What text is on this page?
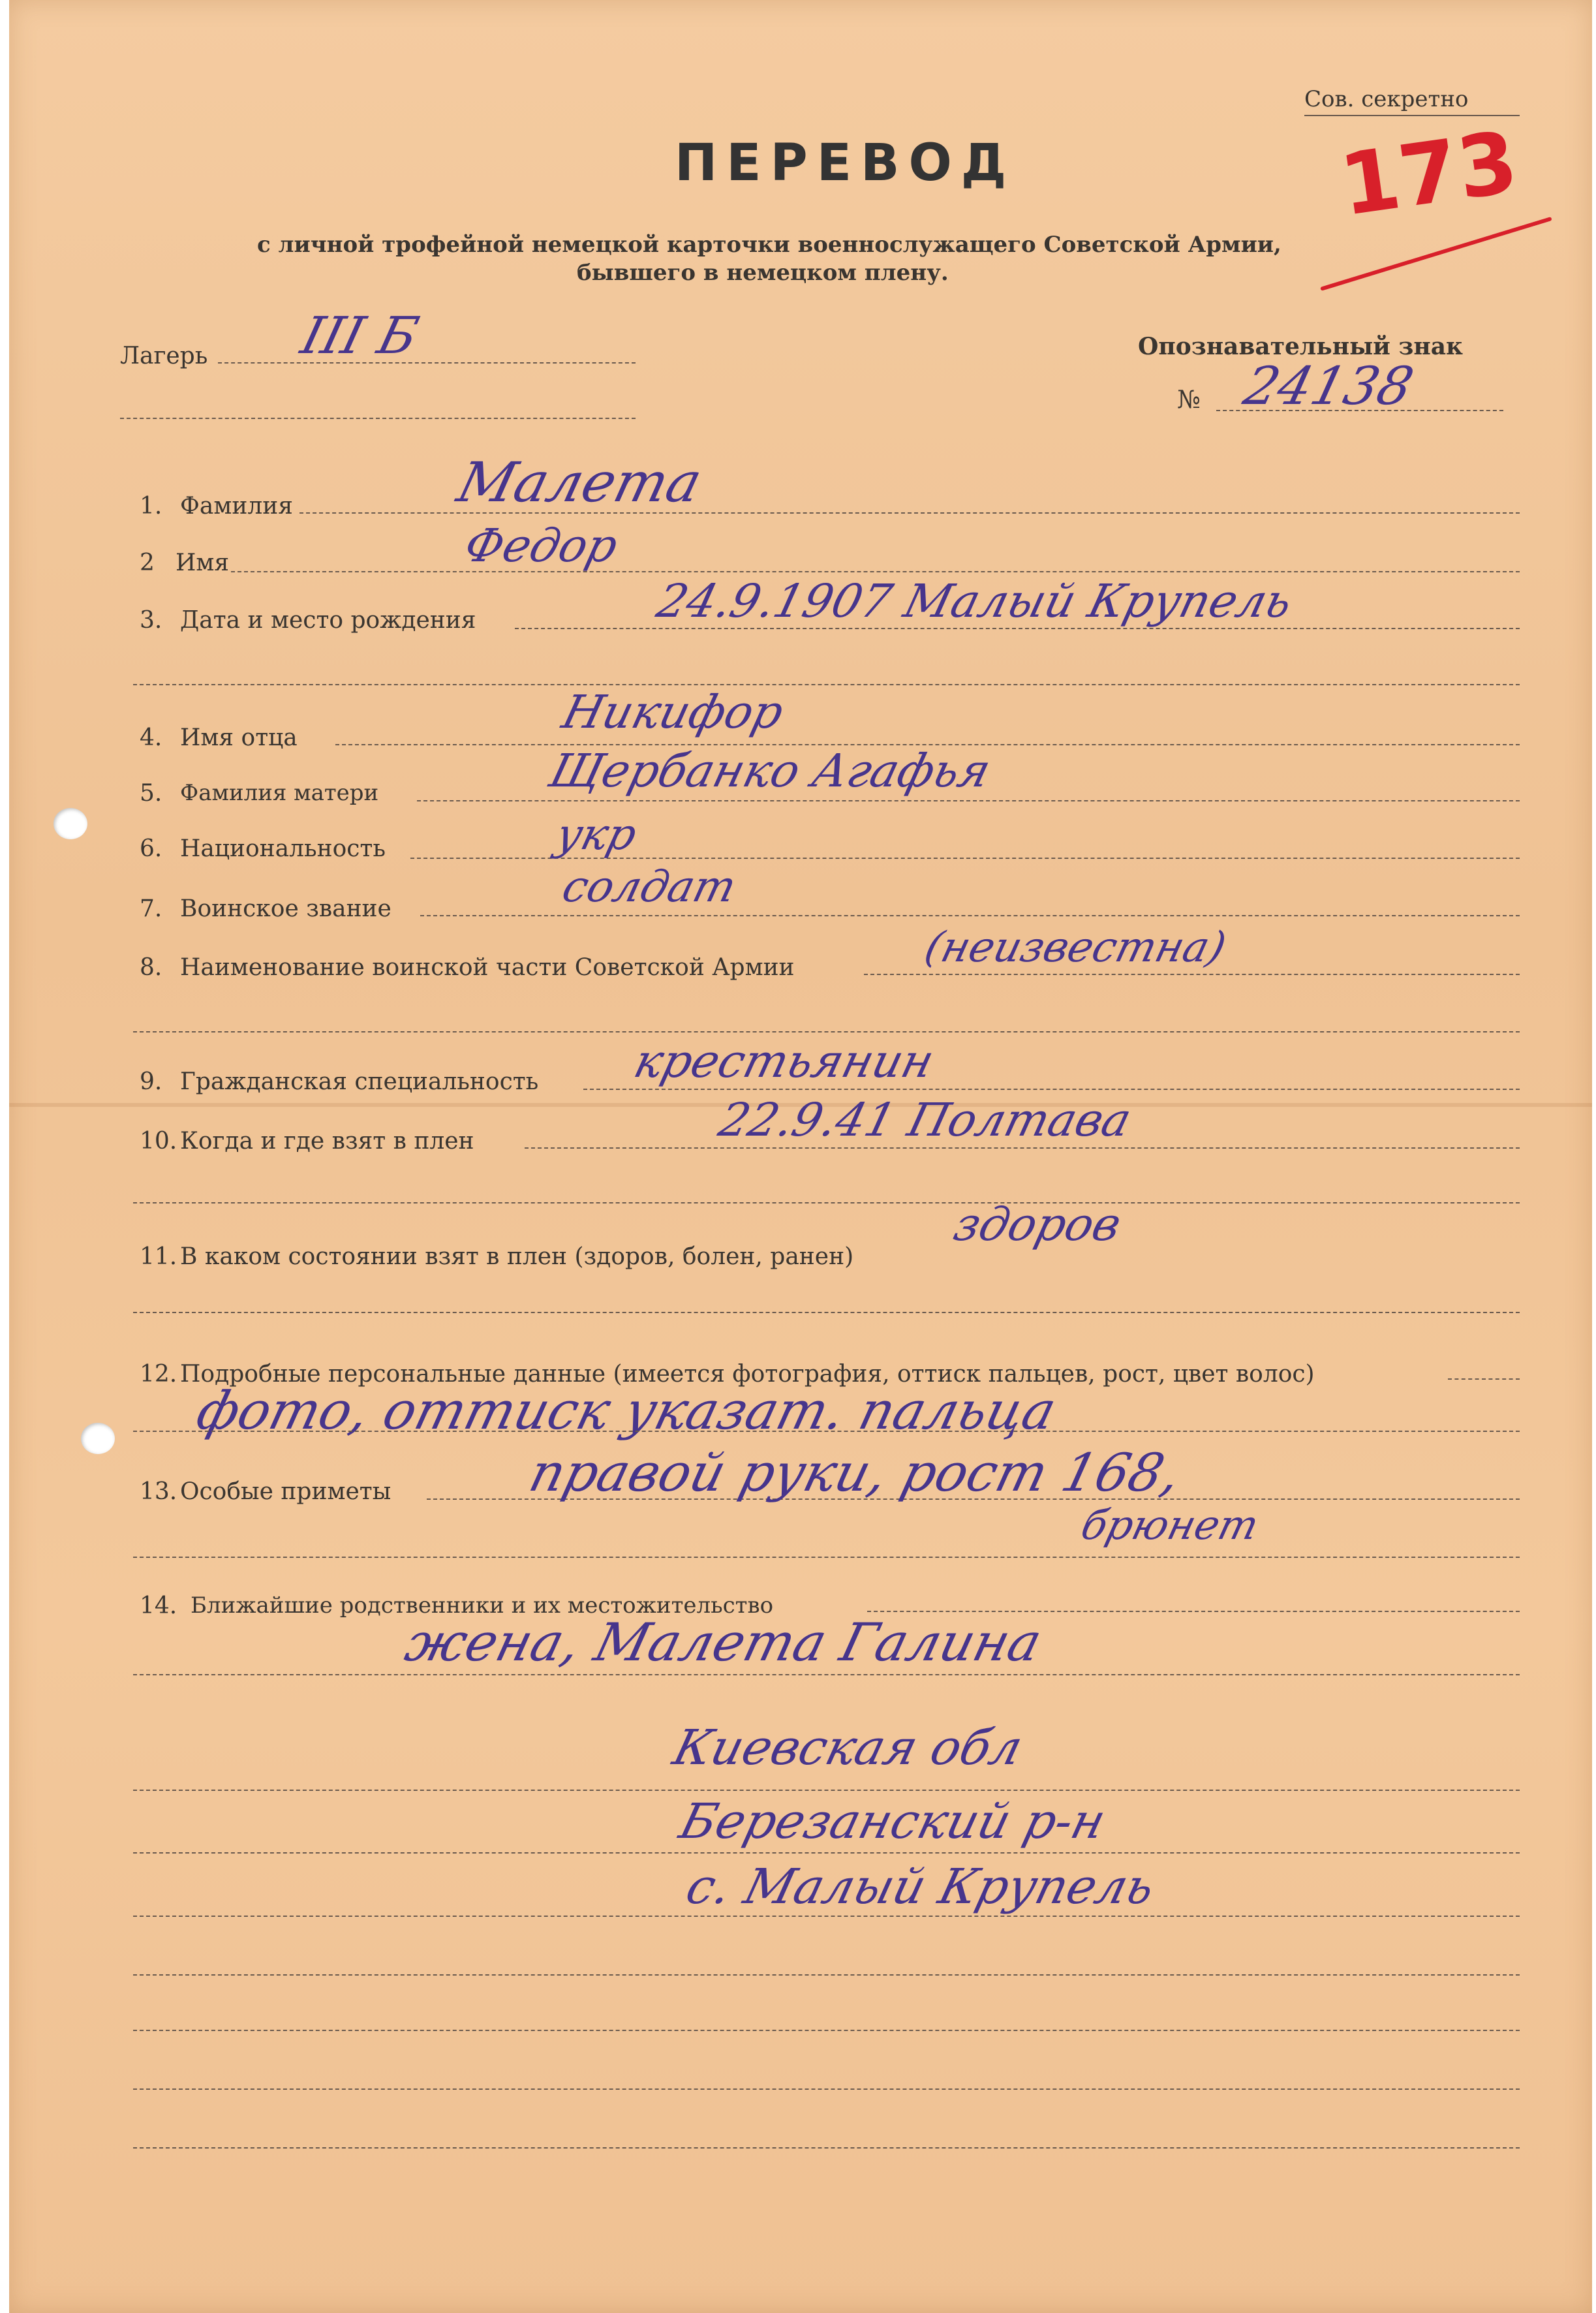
Сов. секретно
173
ПЕРЕВОД
с личной трофейной немецкой карточки военнослужащего Советской Армии,
бывшего в немецком плену.
Лагерь III Б	Опознавательный знак
№ 24138
1. Фамилия	Малета
2 Имя	Федор
3. Дата и место рождения	24.9.1907 Малый Крупель
4. Имя отца	Никифор
5. Фамилия матери	Щербанко Агафья
6. Национальность	укр
7. Воинское звание	солдат
8. Наименование воинской части Советской Армии	(неизвестна)
9. Гражданская специальность крестьянин
10. Когда и где взят в плен	22.9.41 Полтава
11. В каком состоянии взят в плен (здоров, болен, ранен)
здоров
12. Подробные персональные данные (имеется фотография, оттиск пальцев, рост, цвет волос)
фото, оттиск указат. пальца
13. Особые приметы	правой руки, рост 168,
брюнет
14. Ближайшие родственники и их местожительство
жена, Малета Галина
Киевская обл
Березанский р-н
с. Малый Крупель
